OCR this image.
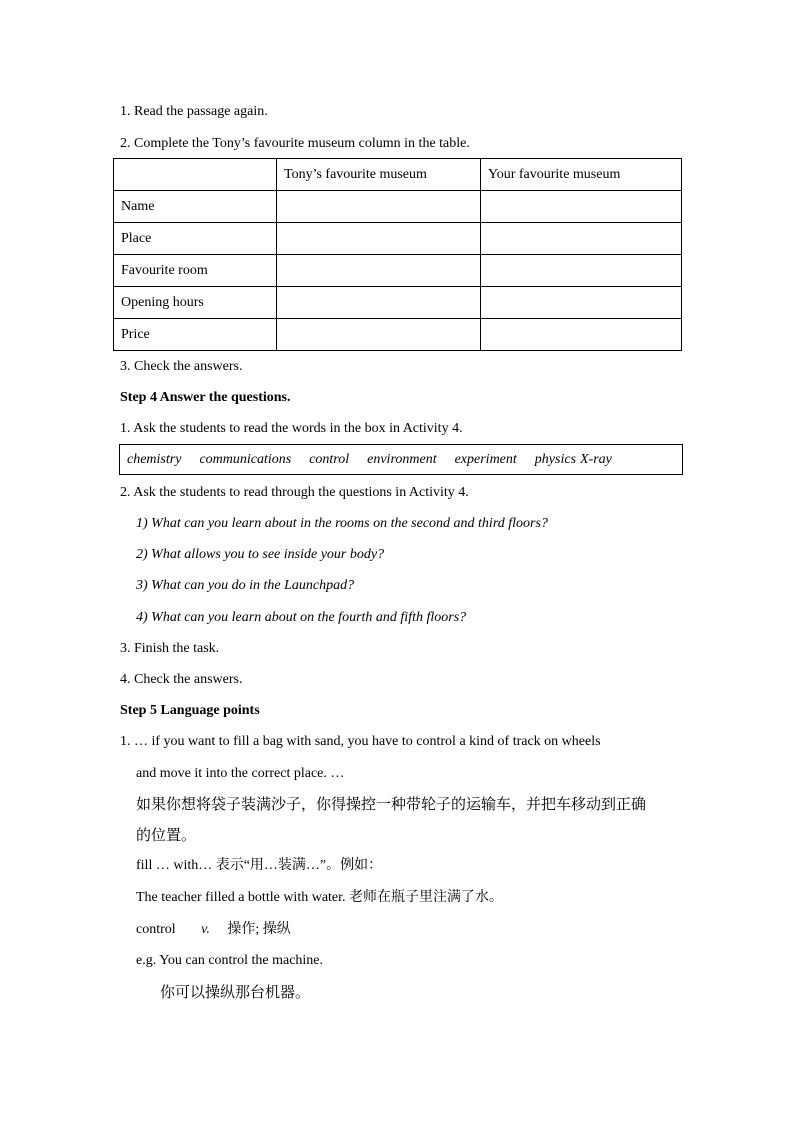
1. Read the passage again.
2. Complete the Tony’s favourite museum column in the table.
	Tony’s favourite museum	Your favourite museum
Name		
Place		
Favourite room		
Opening hours		
Price		
3. Check the answers.
Step 4 Answer the questions.
1. Ask the students to read the words in the box in Activity 4.
chemistry communications control environment experiment physics X-ray
2. Ask the students to read through the questions in Activity 4.
1) What can you learn about in the rooms on the second and third floors?
2) What allows you to see inside your body?
3) What can you do in the Launchpad?
4) What can you learn about on the fourth and fifth floors?
3. Finish the task.
4. Check the answers.
Step 5 Language points
1. … if you want to fill a bag with sand, you have to control a kind of track on wheels
and move it into the correct place. …
如果你想将袋子装满沙子，你得操控一种带轮子的运输车，并把车移动到正确
的位置。
fill … with… 表示“用…装满…”。例如：
The teacher filled a bottle with water. 老师在瓶子里注满了水。
control v. 操作; 操纵
e.g. You can control the machine.
你可以操纵那台机器。
